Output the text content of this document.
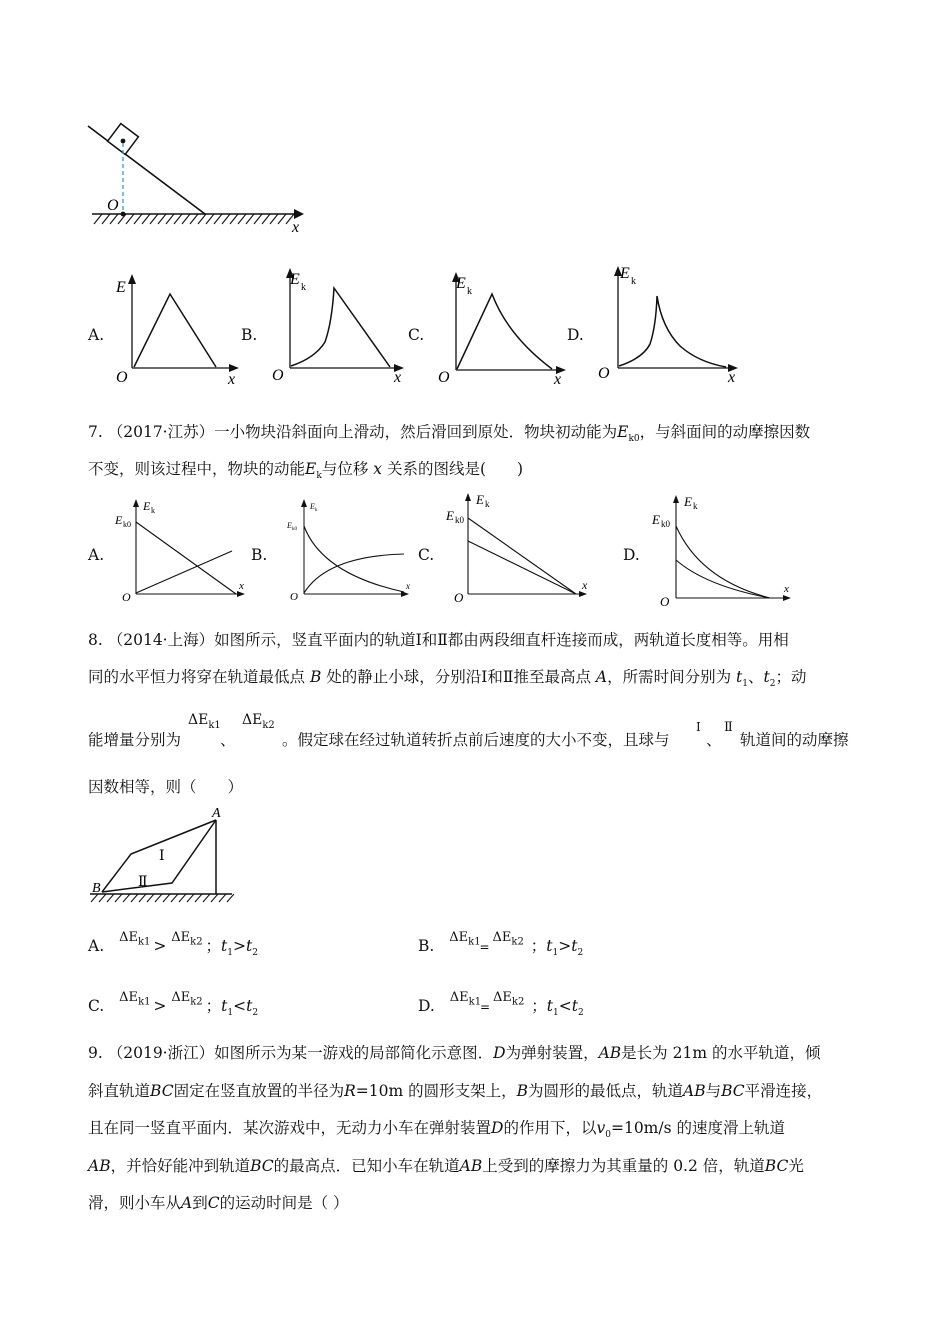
O
x
A.	B.	C.	D.
E
O	x
E k
O	x
E k
O	x
E k
O	x
7. （2017·江苏）一小物块沿斜面向上滑动，然后滑回到原处．物块初动能为$E_{k0}$，与斜面间的动摩擦因数
不变，则该过程中，物块的动能$E_k$与位移 x 关系的图线是(　　)
A.	B.	C.	D.
E k
E k0
O
x
E k
E k0
O
x
E k
E k0
O
x
E k
E k0
O
x
8. （2014·上海）如图所示，竖直平面内的轨道Ⅰ和Ⅱ都由两段细直杆连接而成，两轨道长度相等。用相
同的水平恒力将穿在轨道最低点 B 处的静止小球，分别沿Ⅰ和Ⅱ推至最高点 A，所需时间分别为 $t_1$、$t_2$；动
能增量分别为
$\Delta E_{k1}$
、
$\Delta E_{k2}$
。假定球在经过轨道转折点前后速度的大小不变，且球与
Ⅰ
、
Ⅱ
轨道间的动摩擦
因数相等，则（　　）
A
B
Ⅰ
Ⅱ
A. $^{\Delta E_{k1}}$ > $^{\Delta E_{k2}}$ ；$t_1>t_2$	B. $^{\Delta E_{k1}}$ = $^{\Delta E_{k2}}$ ；$t_1>t_2$
C. $^{\Delta E_{k1}}$ > $^{\Delta E_{k2}}$ ；$t_1<t_2$	D. $^{\Delta E_{k1}}$ = $^{\Delta E_{k2}}$ ；$t_1<t_2$
9. （2019·浙江）如图所示为某一游戏的局部简化示意图．D为弹射装置，AB是长为 21m 的水平轨道，倾
斜直轨道BC固定在竖直放置的半径为R=10m 的圆形支架上，B为圆形的最低点，轨道AB与BC平滑连接，
且在同一竖直平面内．某次游戏中，无动力小车在弹射装置D的作用下，以$v_0=10m/s$ 的速度滑上轨道
AB，并恰好能冲到轨道BC的最高点．已知小车在轨道AB上受到的摩擦力为其重量的 0.2 倍，轨道BC光
滑，则小车从A到C的运动时间是（ ）
